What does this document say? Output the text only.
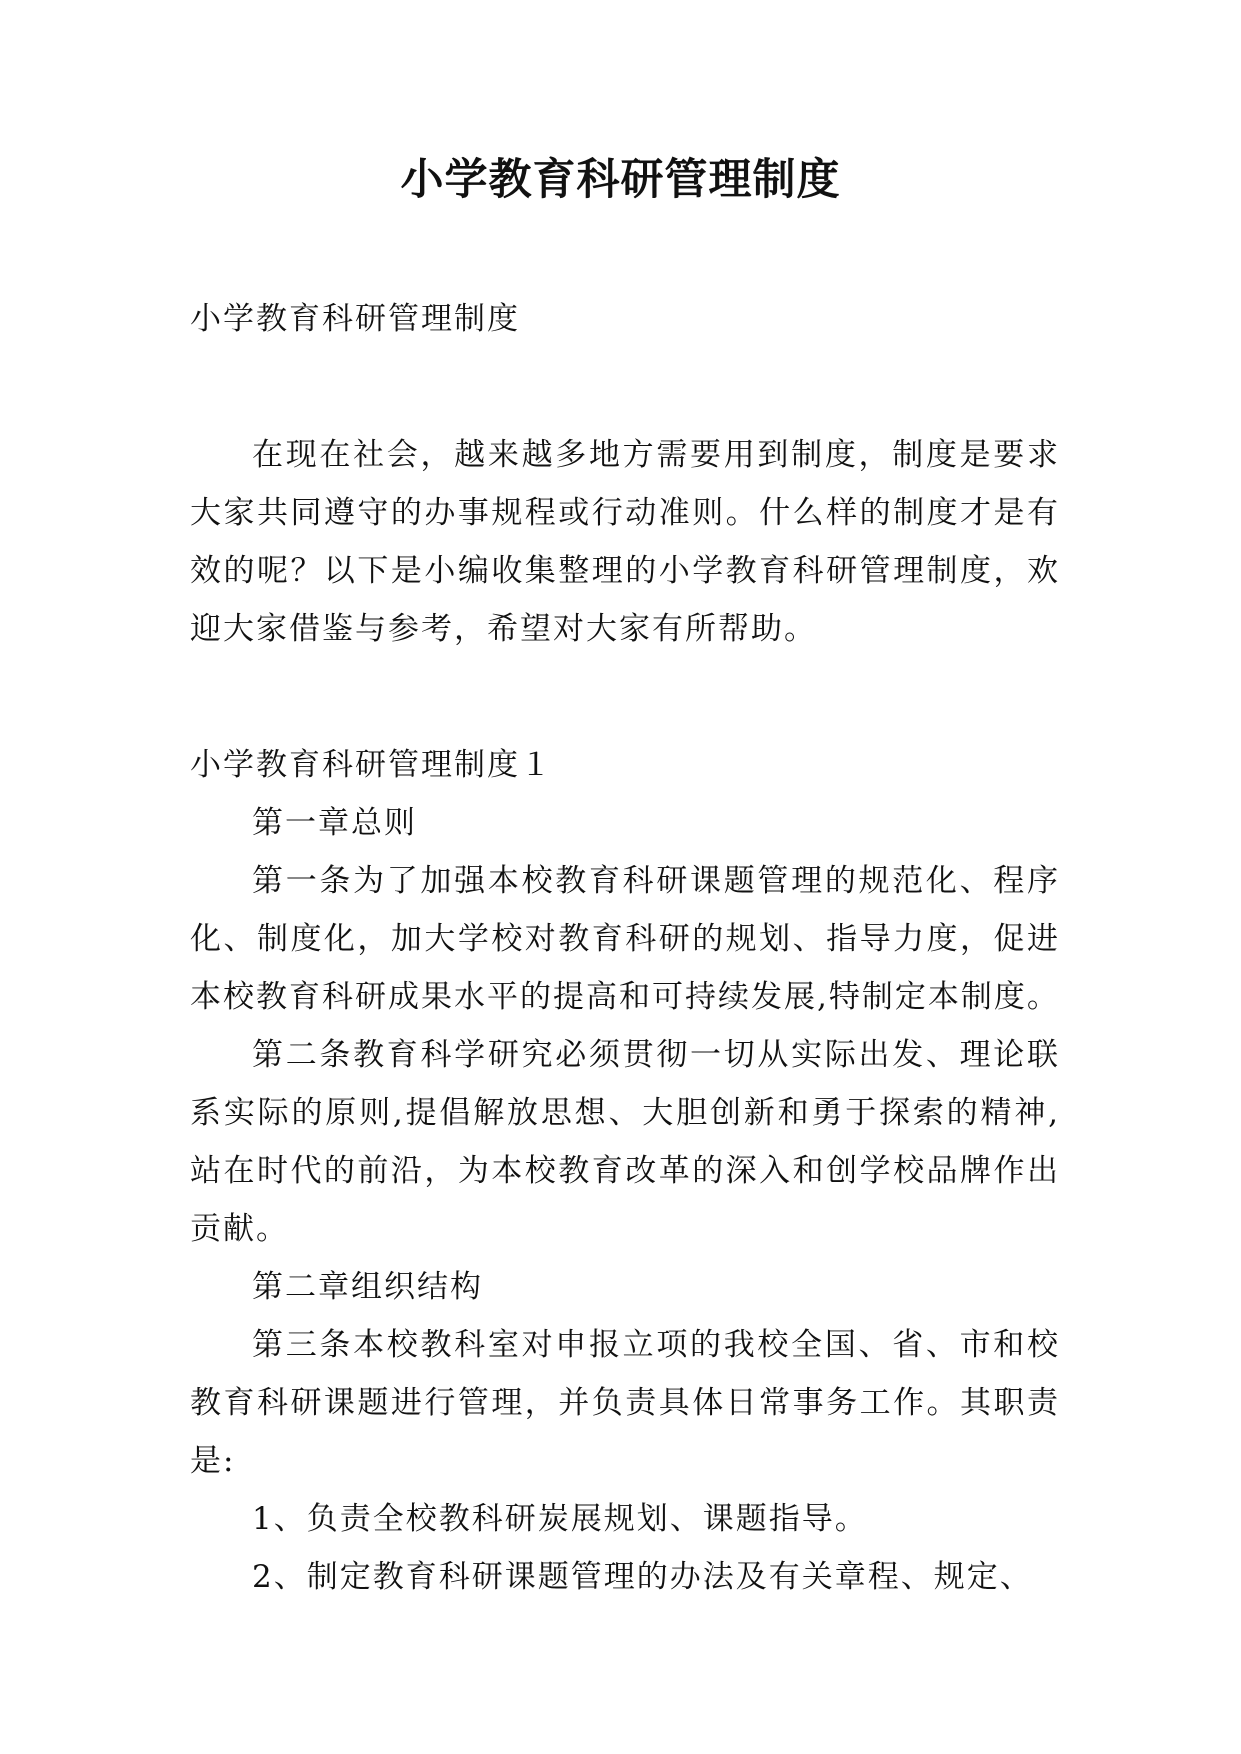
小学教育科研管理制度

小学教育科研管理制度

在现在社会，越来越多地方需要用到制度，制度是要求大家共同遵守的办事规程或行动准则。什么样的制度才是有效的呢？以下是小编收集整理的小学教育科研管理制度，欢迎大家借鉴与参考，希望对大家有所帮助。

小学教育科研管理制度１

第一章总则

第一条为了加强本校教育科研课题管理的规范化、程序化、制度化，加大学校对教育科研的规划、指导力度，促进本校教育科研成果水平的提高和可持续发展,特制定本制度。

第二条教育科学研究必须贯彻一切从实际出发、理论联系实际的原则,提倡解放思想、大胆创新和勇于探索的精神,站在时代的前沿，为本校教育改革的深入和创学校品牌作出贡献。

第二章组织结构

第三条本校教科室对申报立项的我校全国、省、市和校教育科研课题进行管理，并负责具体日常事务工作。其职责是:

1、负责全校教科研炭展规划、课题指导。

2、制定教育科研课题管理的办法及有关章程、规定、
